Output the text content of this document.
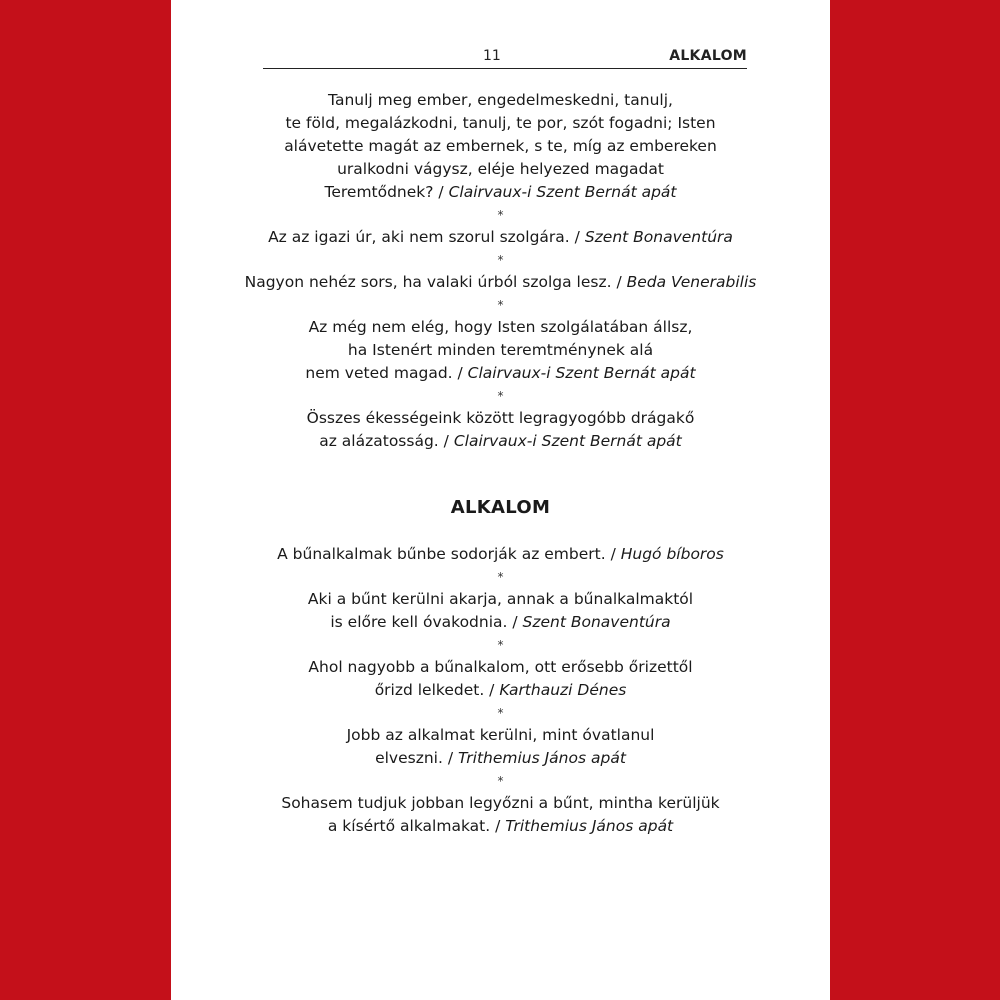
11	ALKALOM
Tanulj meg ember, engedelmeskedni, tanulj,
te föld, megalázkodni, tanulj, te por, szót fogadni; Isten
alávetette magát az embernek, s te, míg az embereken
uralkodni vágysz, eléje helyezed magadat
Teremtődnek? / Clairvaux-i Szent Bernát apát
*
Az az igazi úr, aki nem szorul szolgára. / Szent Bonaventúra
*
Nagyon nehéz sors, ha valaki úrból szolga lesz. / Beda Venerabilis
*
Az még nem elég, hogy Isten szolgálatában állsz,
ha Istenért minden teremtménynek alá
nem veted magad. / Clairvaux-i Szent Bernát apát
*
Összes ékességeink között legragyogóbb drágakő
az alázatosság. / Clairvaux-i Szent Bernát apát
ALKALOM
A bűnalkalmak bűnbe sodorják az embert. / Hugó bíboros
*
Aki a bűnt kerülni akarja, annak a bűnalkalmaktól
is előre kell óvakodnia. / Szent Bonaventúra
*
Ahol nagyobb a bűnalkalom, ott erősebb őrizettől
őrizd lelkedet. / Karthauzi Dénes
*
Jobb az alkalmat kerülni, mint óvatlanul
elveszni. / Trithemius János apát
*
Sohasem tudjuk jobban legyőzni a bűnt, mintha kerüljük
a kísértő alkalmakat. / Trithemius János apát
